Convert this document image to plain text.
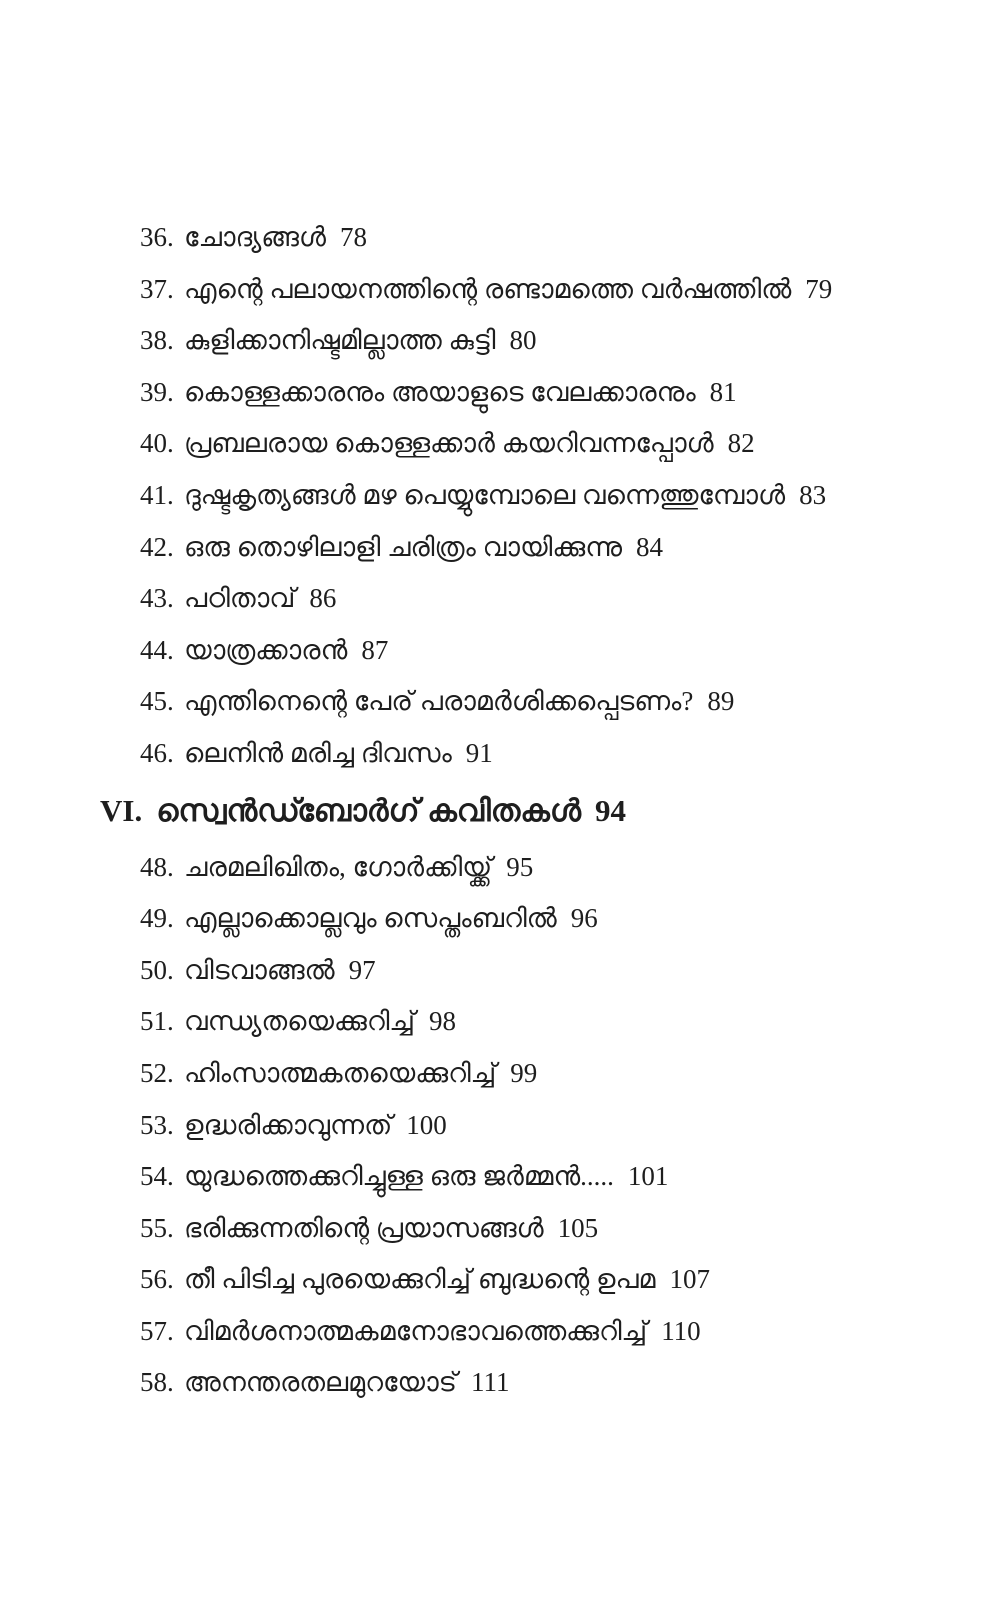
36. ചോദ്യങ്ങൾ 78
37. എന്റെ പലായനത്തിന്റെ രണ്ടാമത്തെ വർഷത്തിൽ 79
38. കുളിക്കാനിഷ്ടമില്ലാത്ത കുട്ടി 80
39. കൊള്ളക്കാരനും അയാളുടെ വേലക്കാരനും 81
40. പ്രബലരായ കൊള്ളക്കാർ കയറിവന്നപ്പോൾ 82
41. ദുഷ്ടകൃത്യങ്ങൾ മഴ പെയ്യുമ്പോലെ വന്നെത്തുമ്പോൾ 83
42. ഒരു തൊഴിലാളി ചരിത്രം വായിക്കുന്നു 84
43. പഠിതാവ് 86
44. യാത്രക്കാരൻ 87
45. എന്തിനെന്റെ പേര് പരാമർശിക്കപ്പെടണം? 89
46. ലെനിൻ മരിച്ച ദിവസം 91
VI. സ്വെൻഡ്ബോർഗ് കവിതകൾ 94
48. ചരമലിഖിതം, ഗോർക്കിയ്ക്ക് 95
49. എല്ലാക്കൊല്ലവും സെപ്തംബറിൽ 96
50. വിടവാങ്ങൽ 97
51. വന്ധ്യതയെക്കുറിച്ച് 98
52. ഹിംസാത്മകതയെക്കുറിച്ച് 99
53. ഉദ്ധരിക്കാവുന്നത് 100
54. യുദ്ധത്തെക്കുറിച്ചുള്ള ഒരു ജർമ്മൻ..... 101
55. ഭരിക്കുന്നതിന്റെ പ്രയാസങ്ങൾ 105
56. തീ പിടിച്ച പുരയെക്കുറിച്ച് ബുദ്ധന്റെ ഉപമ 107
57. വിമർശനാത്മകമനോഭാവത്തെക്കുറിച്ച് 110
58. അനന്തരതലമുറയോട് 111
